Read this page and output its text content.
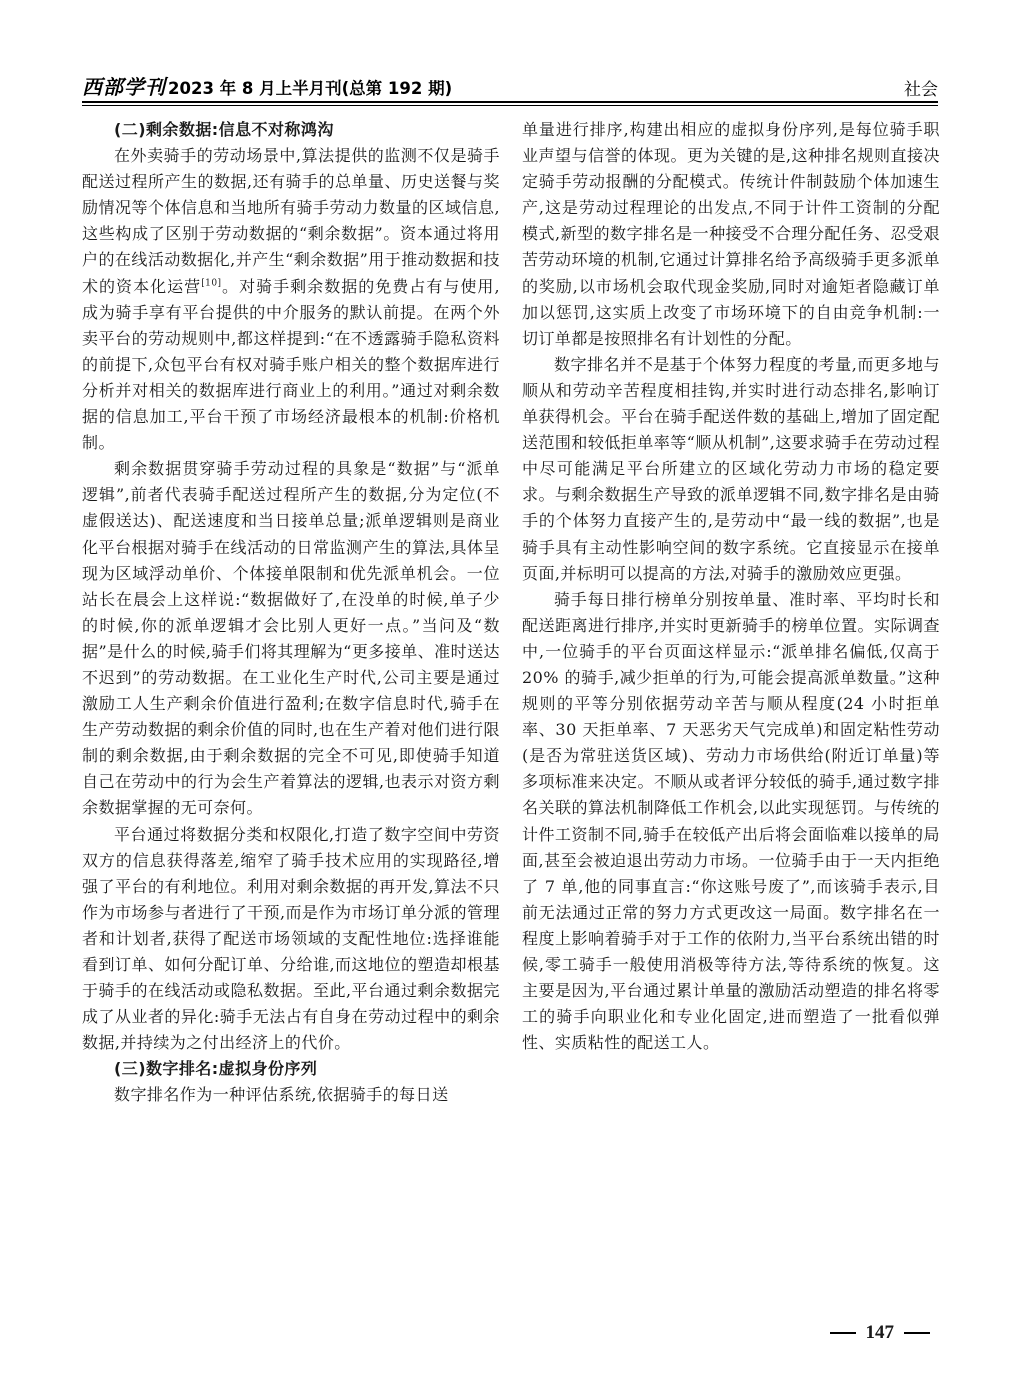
西部学刊 2023 年 8 月上半月刊(总第 192 期)	社会
(二)剩余数据:信息不对称鸿沟

在外卖骑手的劳动场景中,算法提供的监测不仅是骑手配送过程所产生的数据,还有骑手的总单量、历史送餐与奖励情况等个体信息和当地所有骑手劳动力数量的区域信息,这些构成了区别于劳动数据的“剩余数据”。资本通过将用户的在线活动数据化,并产生“剩余数据”用于推动数据和技术的资本化运营[10]。对骑手剩余数据的免费占有与使用,成为骑手享有平台提供的中介服务的默认前提。在两个外卖平台的劳动规则中,都这样提到:“在不透露骑手隐私资料的前提下,众包平台有权对骑手账户相关的整个数据库进行分析并对相关的数据库进行商业上的利用。”通过对剩余数据的信息加工,平台干预了市场经济最根本的机制:价格机制。

剩余数据贯穿骑手劳动过程的具象是“数据”与“派单逻辑”,前者代表骑手配送过程所产生的数据,分为定位(不虚假送达)、配送速度和当日接单总量;派单逻辑则是商业化平台根据对骑手在线活动的日常监测产生的算法,具体呈现为区域浮动单价、个体接单限制和优先派单机会。一位站长在晨会上这样说:“数据做好了,在没单的时候,单子少的时候,你的派单逻辑才会比别人更好一点。”当问及“数据”是什么的时候,骑手们将其理解为“更多接单、准时送达不迟到”的劳动数据。在工业化生产时代,公司主要是通过激励工人生产剩余价值进行盈利;在数字信息时代,骑手在生产劳动数据的剩余价值的同时,也在生产着对他们进行限制的剩余数据,由于剩余数据的完全不可见,即使骑手知道自己在劳动中的行为会生产着算法的逻辑,也表示对资方剩余数据掌握的无可奈何。

平台通过将数据分类和权限化,打造了数字空间中劳资双方的信息获得落差,缩窄了骑手技术应用的实现路径,增强了平台的有利地位。利用对剩余数据的再开发,算法不只作为市场参与者进行了干预,而是作为市场订单分派的管理者和计划者,获得了配送市场领域的支配性地位:选择谁能看到订单、如何分配订单、分给谁,而这地位的塑造却根基于骑手的在线活动或隐私数据。至此,平台通过剩余数据完成了从业者的异化:骑手无法占有自身在劳动过程中的剩余数据,并持续为之付出经济上的代价。

(三)数字排名:虚拟身份序列

数字排名作为一种评估系统,依据骑手的每日送

单量进行排序,构建出相应的虚拟身份序列,是每位骑手职业声望与信誉的体现。更为关键的是,这种排名规则直接决定骑手劳动报酬的分配模式。传统计件制鼓励个体加速生产,这是劳动过程理论的出发点,不同于计件工资制的分配模式,新型的数字排名是一种接受不合理分配任务、忍受艰苦劳动环境的机制,它通过计算排名给予高级骑手更多派单的奖励,以市场机会取代现金奖励,同时对逾矩者隐藏订单加以惩罚,这实质上改变了市场环境下的自由竞争机制:一切订单都是按照排名有计划性的分配。

数字排名并不是基于个体努力程度的考量,而更多地与顺从和劳动辛苦程度相挂钩,并实时进行动态排名,影响订单获得机会。平台在骑手配送件数的基础上,增加了固定配送范围和较低拒单率等“顺从机制”,这要求骑手在劳动过程中尽可能满足平台所建立的区域化劳动力市场的稳定要求。与剩余数据生产导致的派单逻辑不同,数字排名是由骑手的个体努力直接产生的,是劳动中“最一线的数据”,也是骑手具有主动性影响空间的数字系统。它直接显示在接单页面,并标明可以提高的方法,对骑手的激励效应更强。

骑手每日排行榜单分别按单量、准时率、平均时长和配送距离进行排序,并实时更新骑手的榜单位置。实际调查中,一位骑手的平台页面这样显示:“派单排名偏低,仅高于 20% 的骑手,减少拒单的行为,可能会提高派单数量。”这种规则的平等分别依据劳动辛苦与顺从程度(24 小时拒单率、30 天拒单率、7 天恶劣天气完成单)和固定粘性劳动(是否为常驻送货区域)、劳动力市场供给(附近订单量)等多项标准来决定。不顺从或者评分较低的骑手,通过数字排名关联的算法机制降低工作机会,以此实现惩罚。与传统的计件工资制不同,骑手在较低产出后将会面临难以接单的局面,甚至会被迫退出劳动力市场。一位骑手由于一天内拒绝了 7 单,他的同事直言:“你这账号废了”,而该骑手表示,目前无法通过正常的努力方式更改这一局面。数字排名在一程度上影响着骑手对于工作的依附力,当平台系统出错的时候,零工骑手一般使用消极等待方法,等待系统的恢复。这主要是因为,平台通过累计单量的激励活动塑造的排名将零工的骑手向职业化和专业化固定,进而塑造了一批看似弹性、实质粘性的配送工人。

147
